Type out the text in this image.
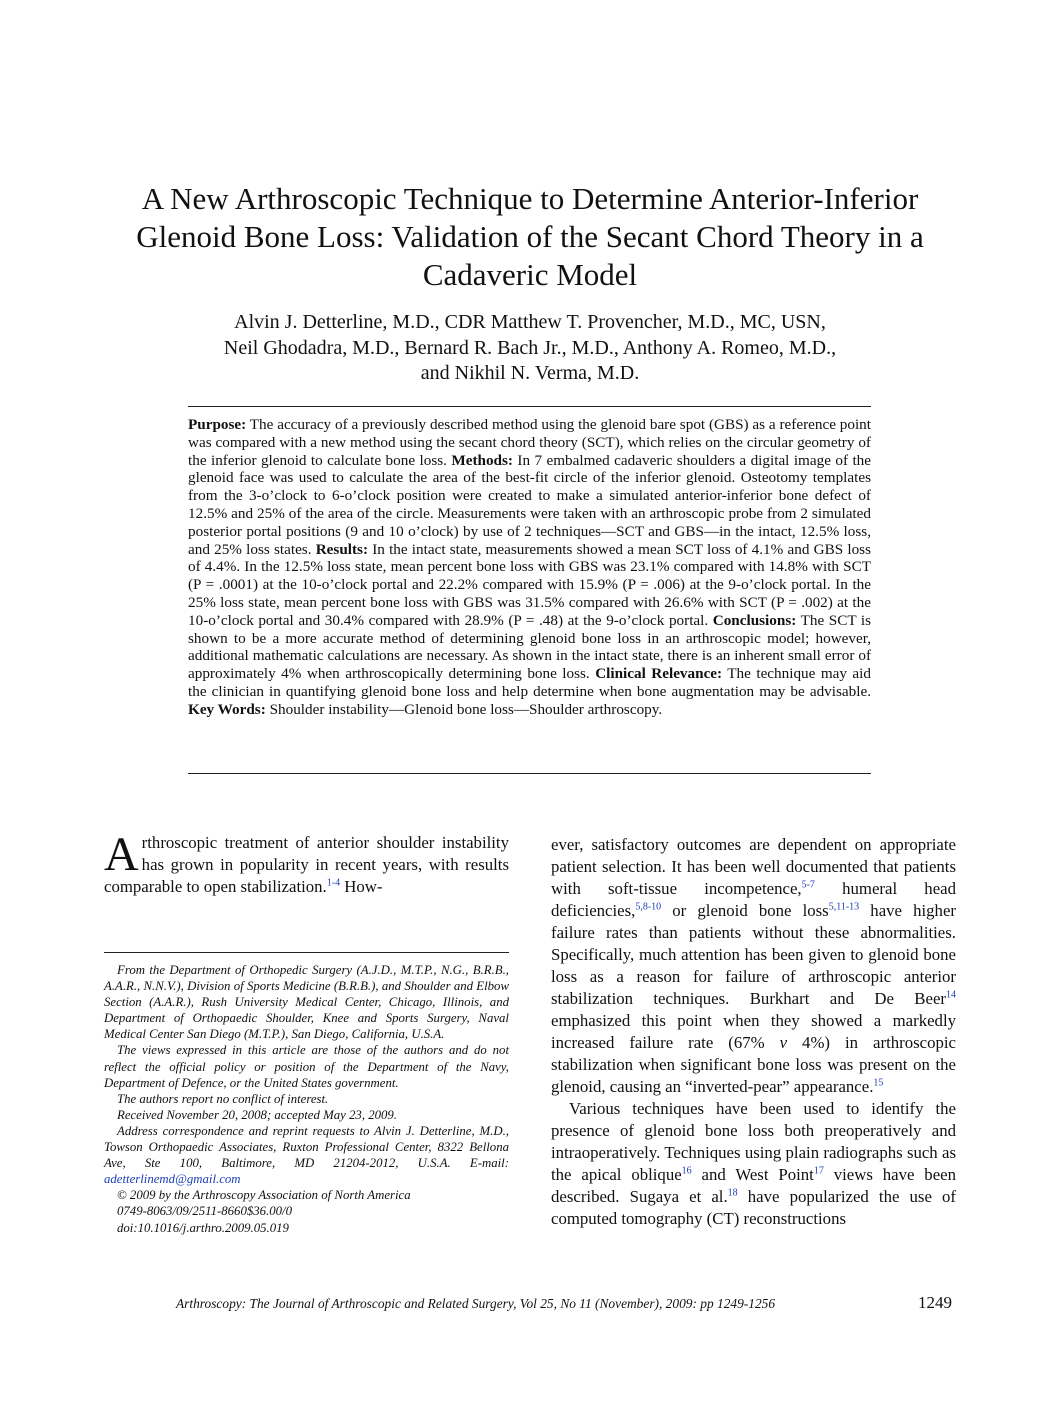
A New Arthroscopic Technique to Determine Anterior-Inferior
Glenoid Bone Loss: Validation of the Secant Chord Theory in a
Cadaveric Model
Alvin J. Detterline, M.D., CDR Matthew T. Provencher, M.D., MC, USN,
Neil Ghodadra, M.D., Bernard R. Bach Jr., M.D., Anthony A. Romeo, M.D.,
and Nikhil N. Verma, M.D.

Purpose: The accuracy of a previously described method using the glenoid bare spot (GBS) as a reference point was compared with a new method using the secant chord theory (SCT), which relies on the circular geometry of the inferior glenoid to calculate bone loss. Methods: In 7 embalmed cadaveric shoulders a digital image of the glenoid face was used to calculate the area of the best-fit circle of the inferior glenoid. Osteotomy templates from the 3-o’clock to 6-o’clock position were created to make a simulated anterior-inferior bone defect of 12.5% and 25% of the area of the circle. Measurements were taken with an arthroscopic probe from 2 simulated posterior portal positions (9 and 10 o’clock) by use of 2 techniques—SCT and GBS—in the intact, 12.5% loss, and 25% loss states. Results: In the intact state, measurements showed a mean SCT loss of 4.1% and GBS loss of 4.4%. In the 12.5% loss state, mean percent bone loss with GBS was 23.1% compared with 14.8% with SCT (P = .0001) at the 10-o’clock portal and 22.2% compared with 15.9% (P = .006) at the 9-o’clock portal. In the 25% loss state, mean percent bone loss with GBS was 31.5% compared with 26.6% with SCT (P = .002) at the 10-o’clock portal and 30.4% compared with 28.9% (P = .48) at the 9-o’clock portal. Conclusions: The SCT is shown to be a more accurate method of determining glenoid bone loss in an arthroscopic model; however, additional mathematic calculations are necessary. As shown in the intact state, there is an inherent small error of approximately 4% when arthroscopically determining bone loss. Clinical Relevance: The technique may aid the clinician in quantifying glenoid bone loss and help determine when bone augmentation may be advisable. Key Words: Shoulder instability—Glenoid bone loss—Shoulder arthroscopy.

Arthroscopic treatment of anterior shoulder instability has grown in popularity in recent years, with results comparable to open stabilization.$^{1-4}$ How-

From the Department of Orthopedic Surgery (A.J.D., M.T.P., N.G., B.R.B., A.A.R., N.N.V.), Division of Sports Medicine (B.R.B.), and Shoulder and Elbow Section (A.A.R.), Rush University Medical Center, Chicago, Illinois, and Department of Orthopaedic Shoulder, Knee and Sports Surgery, Naval Medical Center San Diego (M.T.P.), San Diego, California, U.S.A.

The views expressed in this article are those of the authors and do not reflect the official policy or position of the Department of the Navy, Department of Defence, or the United States government.

The authors report no conflict of interest.

Received November 20, 2008; accepted May 23, 2009.

Address correspondence and reprint requests to Alvin J. Detterline, M.D., Towson Orthopaedic Associates, Ruxton Professional Center, 8322 Bellona Ave, Ste 100, Baltimore, MD 21204-2012, U.S.A. E-mail: adetterlinemd@gmail.com

© 2009 by the Arthroscopy Association of North America

0749-8063/09/2511-8660$36.00/0

doi:10.1016/j.arthro.2009.05.019

ever, satisfactory outcomes are dependent on appropriate patient selection. It has been well documented that patients with soft-tissue incompetence,$^{5-7}$ humeral head deficiencies,$^{5,8-10}$ or glenoid bone loss$^{5,11-13}$ have higher failure rates than patients without these abnormalities. Specifically, much attention has been given to glenoid bone loss as a reason for failure of arthroscopic anterior stabilization techniques. Burkhart and De Beer$^{14}$ emphasized this point when they showed a markedly increased failure rate (67% v 4%) in arthroscopic stabilization when significant bone loss was present on the glenoid, causing an “inverted-pear” appearance.$^{15}$

Various techniques have been used to identify the presence of glenoid bone loss both preoperatively and intraoperatively. Techniques using plain radiographs such as the apical oblique$^{16}$ and West Point$^{17}$ views have been described. Sugaya et al.$^{18}$ have popularized the use of computed tomography (CT) reconstructions

Arthroscopy: The Journal of Arthroscopic and Related Surgery, Vol 25, No 11 (November), 2009: pp 1249-1256	1249
